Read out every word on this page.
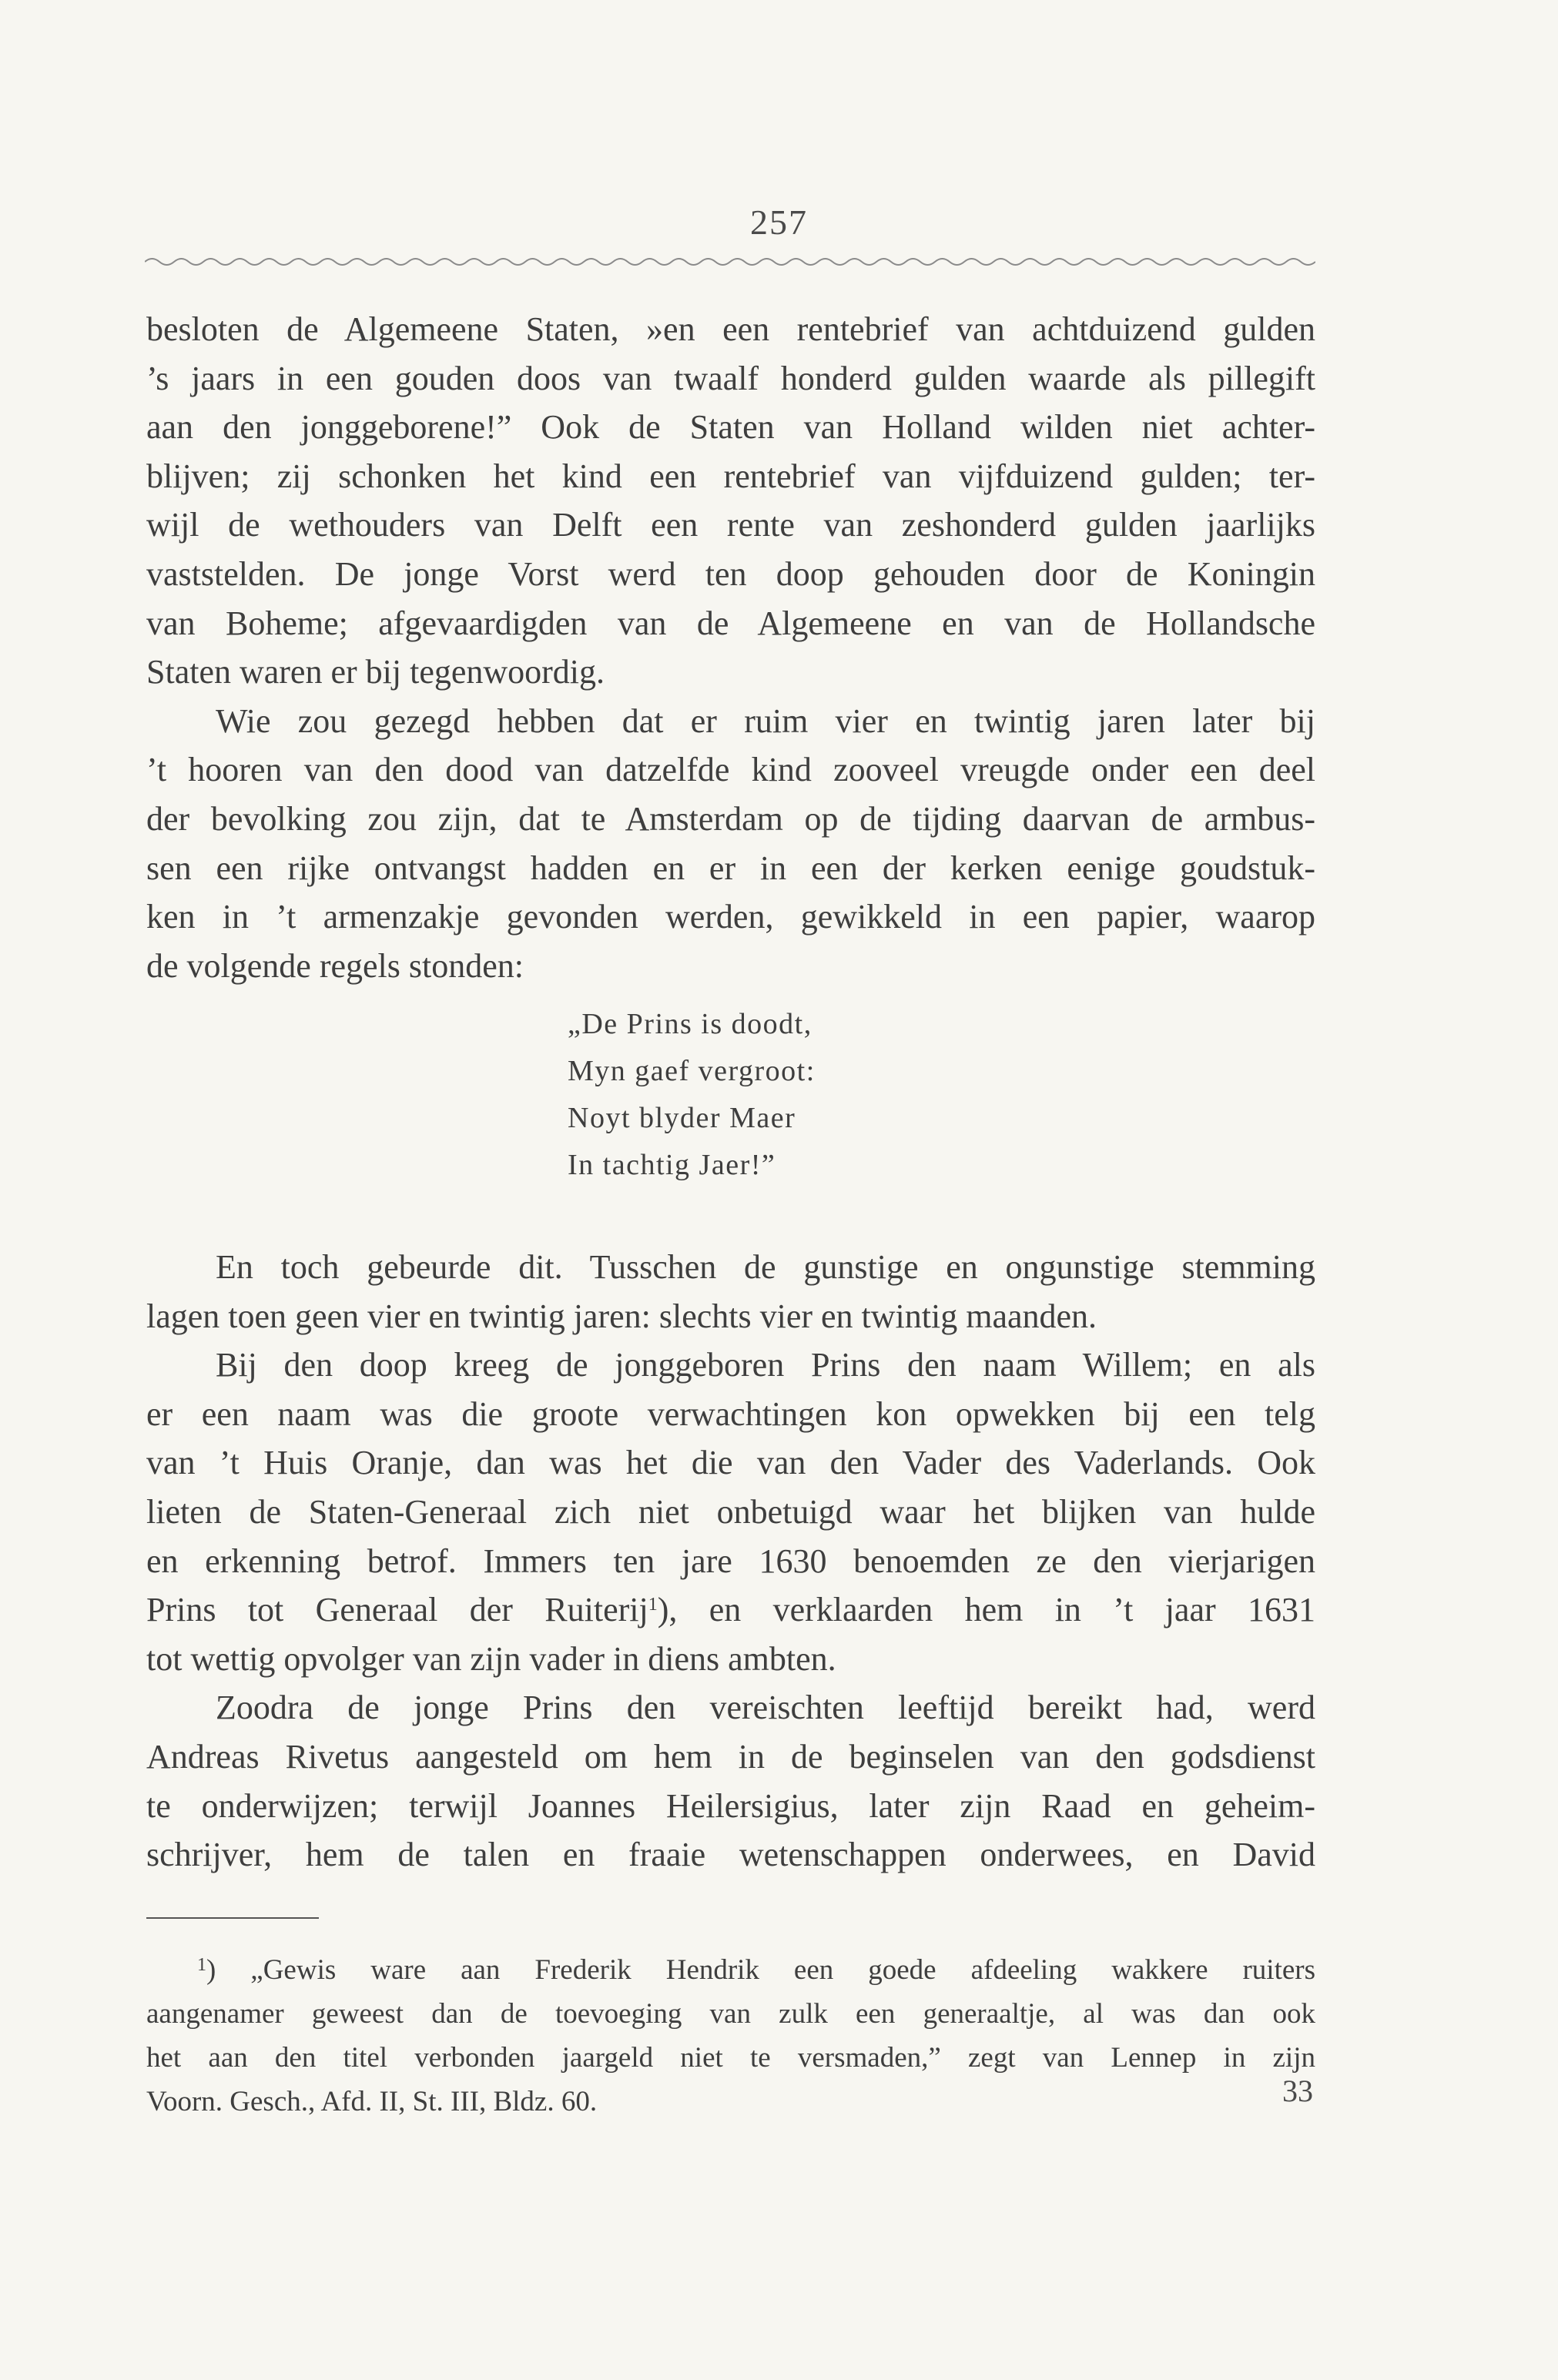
257
besloten de Algemeene Staten, »en een rentebrief van achtduizend gulden
’s jaars in een gouden doos van twaalf honderd gulden waarde als pillegift
aan den jonggeborene!” Ook de Staten van Holland wilden niet achter-
blijven; zij schonken het kind een rentebrief van vijfduizend gulden; ter-
wijl de wethouders van Delft een rente van zeshonderd gulden jaarlijks
vaststelden. De jonge Vorst werd ten doop gehouden door de Koningin
van Boheme; afgevaardigden van de Algemeene en van de Hollandsche
Staten waren er bij tegenwoordig.
Wie zou gezegd hebben dat er ruim vier en twintig jaren later bij
’t hooren van den dood van datzelfde kind zooveel vreugde onder een deel
der bevolking zou zijn, dat te Amsterdam op de tijding daarvan de armbus-
sen een rijke ontvangst hadden en er in een der kerken eenige goudstuk-
ken in ’t armenzakje gevonden werden, gewikkeld in een papier, waarop
de volgende regels stonden:
„De Prins is doodt,
Myn gaef vergroot:
Noyt blyder Maer
In tachtig Jaer!”
En toch gebeurde dit. Tusschen de gunstige en ongunstige stemming
lagen toen geen vier en twintig jaren: slechts vier en twintig maanden.
Bij den doop kreeg de jonggeboren Prins den naam Willem; en als
er een naam was die groote verwachtingen kon opwekken bij een telg
van ’t Huis Oranje, dan was het die van den Vader des Vaderlands. Ook
lieten de Staten-Generaal zich niet onbetuigd waar het blijken van hulde
en erkenning betrof. Immers ten jare 1630 benoemden ze den vierjarigen
Prins tot Generaal der Ruiterij$^1$), en verklaarden hem in ’t jaar 1631
tot wettig opvolger van zijn vader in diens ambten.
Zoodra de jonge Prins den vereischten leeftijd bereikt had, werd
Andreas Rivetus aangesteld om hem in de beginselen van den godsdienst
te onderwijzen; terwijl Joannes Heilersigius, later zijn Raad en geheim-
schrijver, hem de talen en fraaie wetenschappen onderwees, en David
$^1$) „Gewis ware aan Frederik Hendrik een goede afdeeling wakkere ruiters
aangenamer geweest dan de toevoeging van zulk een generaaltje, al was dan ook
het aan den titel verbonden jaargeld niet te versmaden,” zegt van Lennep in zijn
Voorn. Gesch., Afd. II, St. III, Bldz. 60.	33
